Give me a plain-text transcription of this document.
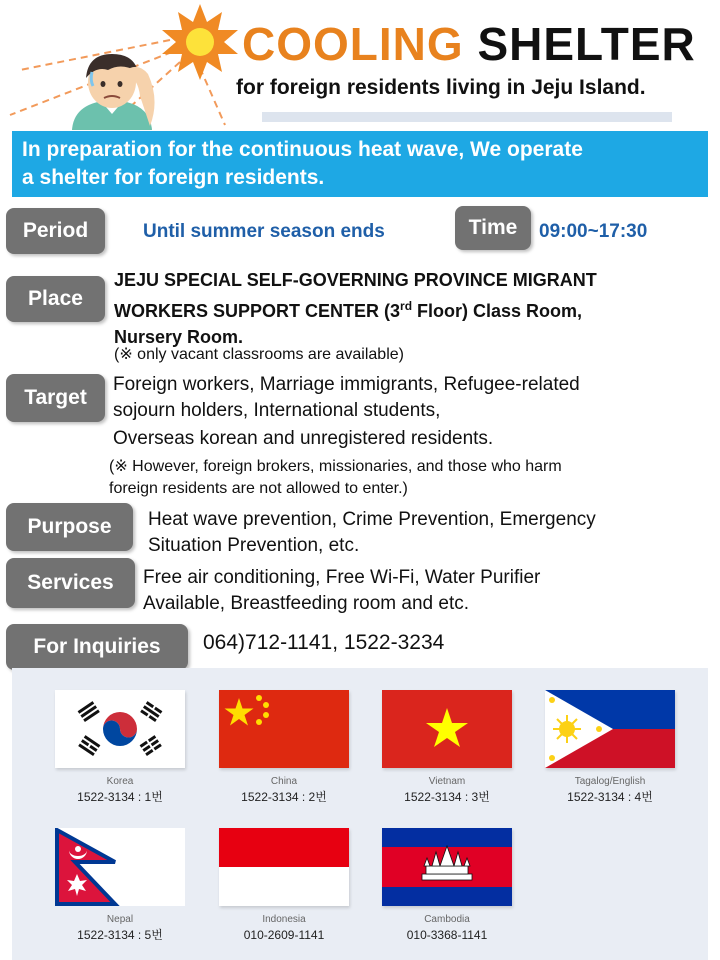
COOLING SHELTER
for foreign residents living in Jeju Island.
In preparation for the continuous heat wave, We operate
a shelter for foreign residents.
Period	Until summer season ends	Time	09:00~17:30
Place
JEJU SPECIAL SELF-GOVERNING PROVINCE MIGRANT
WORKERS SUPPORT CENTER (3rd Floor) Class Room,
Nursery Room.
(※ only vacant classrooms are available)
Target
Foreign workers, Marriage immigrants, Refugee-related
sojourn holders, International students,
Overseas korean and unregistered residents.
(※ However, foreign brokers, missionaries, and those who harm
foreign residents are not allowed to enter.)
Purpose	Heat wave prevention, Crime Prevention, Emergency
Situation Prevention, etc.
Services	Free air conditioning, Free Wi-Fi, Water Purifier
Available, Breastfeeding room and etc.
For Inquiries	064)712-1141, 1522-3234
Korea
1522-3134 : 1번
China
1522-3134 : 2번
Vietnam
1522-3134 : 3번
Tagalog/English
1522-3134 : 4번
Nepal
1522-3134 : 5번
Indonesia
010-2609-1141
Cambodia
010-3368-1141
